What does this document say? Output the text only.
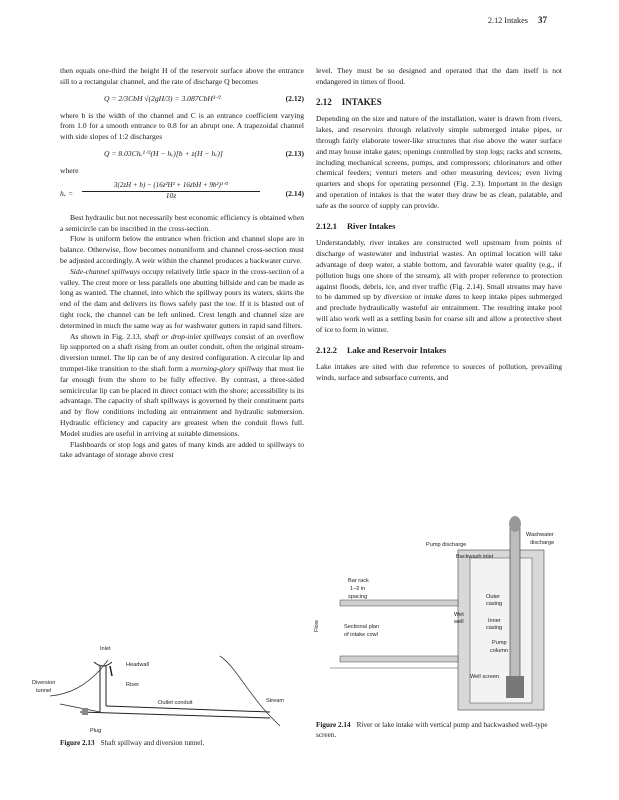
2.12 Intakes 37

then equals one-third the height H of the reservoir surface above the entrance sill to a rectangular channel, and the rate of discharge Q becomes

Q = 2/3CbH √(2gH/3) = 3.087CbH³ᐟ²	(2.12)

where b is the width of the channel and C is an entrance coefficient varying from 1.0 for a smooth entrance to 0.8 for an abrupt one. A trapezoidal channel with side slopes of 1:2 discharges

Q = 8.03Chᵥ¹ᐟ²(H − hᵥ)[b + z(H − hᵥ)]	(2.13)

where

hᵥ =
3(2zH + b) − (16z²H² + 16zbH + 9b²)¹ᐟ²
10z	(2.14)

Best hydraulic but not necessarily best economic efficiency is obtained when a semicircle can be inscribed in the cross-section.

Flow is uniform below the entrance when friction and channel slope are in balance. Otherwise, flow becomes nonuniform and channel cross-section must be adjusted accordingly. A weir within the channel produces a backwater curve.

Side-channel spillways occupy relatively little space in the cross-section of a valley. The crest more or less parallels one abutting hillside and can be made as long as wanted. The channel, into which the spillway pours its waters, skirts the end of the dam and delivers its flows safely past the toe. If it is blasted out of tight rock, the channel can be left unlined. Crest length and channel size are determined in much the same way as for washwater gutters in rapid sand filters.

As shown in Fig. 2.13, shaft or drop-inlet spillways consist of an overflow lip supported on a shaft rising from an outlet conduit, often the original stream-diversion tunnel. The lip can be of any desired configuration. A circular lip and trumpet-like transition to the shaft form a morning-glory spillway that must lie far enough from the shore to be fully effective. By contrast, a three-sided semicircular lip can be placed in direct contact with the shore; accessibility is its advantage. The capacity of shaft spillways is governed by their constituent parts and by flow conditions including air entrainment and hydraulic submersion. Hydraulic efficiency and capacity are greatest when the conduit flows full. Model studies are useful in arriving at suitable dimensions.

Flashboards or stop logs and gates of many kinds are added to spillways to take advantage of storage above crest

level. They must be so designed and operated that the dam itself is not endangered in times of flood.

2.12 INTAKES

Depending on the size and nature of the installation, water is drawn from rivers, lakes, and reservoirs through relatively simple submerged intake pipes, or through fairly elaborate tower-like structures that rise above the water surface and may house intake gates; openings controlled by stop logs; racks and screens, including mechanical screens, pumps, and compressors; chlorinators and other chemical feeders; venturi meters and other measuring devices; even living quarters and shops for operating personnel (Fig. 2.3). Important in the design and operation of intakes is that the water they draw be as clean, palatable, and safe as the source of supply can provide.

2.12.1 River Intakes

Understandably, river intakes are constructed well upstream from points of discharge of wastewater and industrial wastes. An optimal location will take advantage of deep water, a stable bottom, and favorable water quality (e.g., if pollution hugs one shore of the stream), all with proper reference to protection against floods, debris, ice, and river traffic (Fig. 2.14). Small streams may have to be dammed up by diversion or intake dams to keep intake pipes submerged and preclude hydraulically wasteful air entrainment. The resulting intake pool will also work well as a settling basin for coarse silt and allow a protective sheet of ice to form in winter.

2.12.2 Lake and Reservoir Intakes

Lake intakes are sited with due reference to sources of pollution, prevailing winds, surface and subsurface currents, and

Inlet
Headwall
Diversion
tunnel
Riser
Outlet conduit	Stream
Plug
Figure 2.13 Shaft spillway and diversion tunnel.
Washwater
discharge
Pump discharge
Backwash inlet
Bar rack
1–2 in
spacing
Wet
well
Outer
casing
Inner
casing
Flow	Sectional plan
of intake cowl
Pump
column
Well screen
Figure 2.14 River or lake intake with vertical pump and backwashed well-type screen.
